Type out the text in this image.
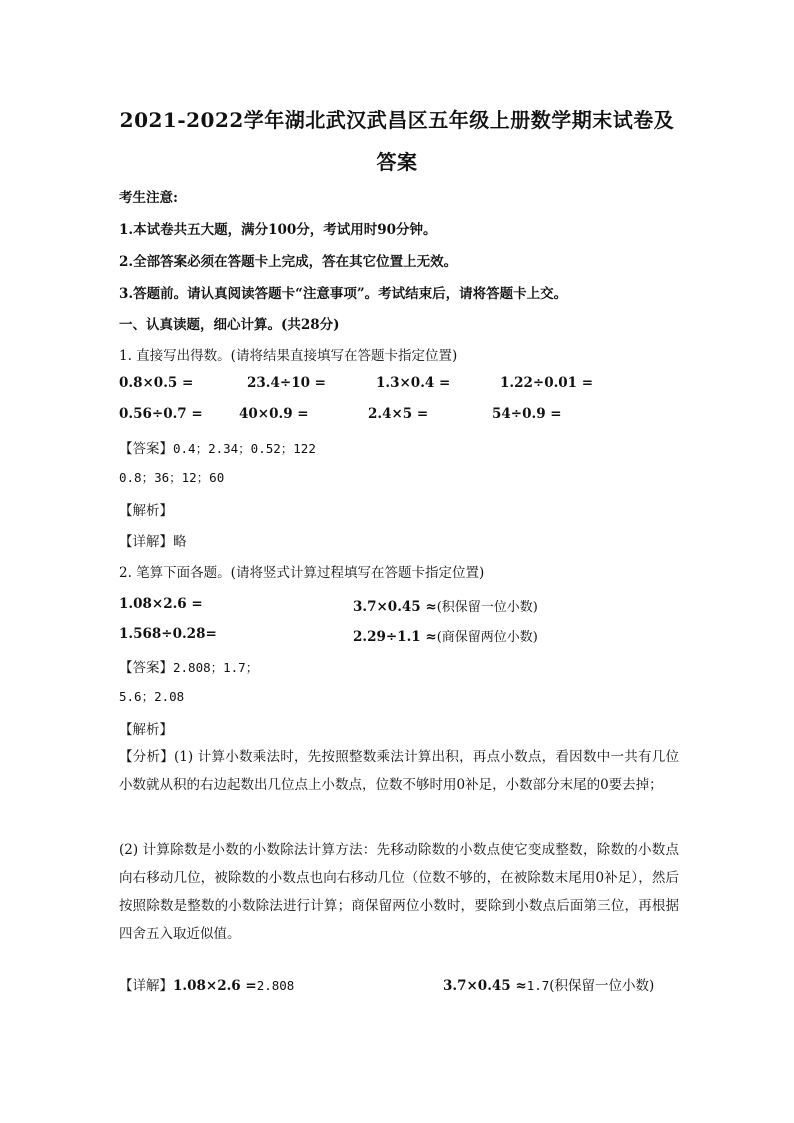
2021-2022学年湖北武汉武昌区五年级上册数学期末试卷及
答案
考生注意:
1.本试卷共五大题，满分100分，考试用时90分钟。
2.全部答案必须在答题卡上完成，答在其它位置上无效。
3.答题前。请认真阅读答题卡“注意事项”。考试结束后，请将答题卡上交。
一、认真读题，细心计算。(共28分)
1. 直接写出得数。(请将结果直接填写在答题卡指定位置)
0.8×0.5 =	23.4÷10 =	1.3×0.4 =	1.22÷0.01 =
0.56÷0.7 =	40×0.9 =	2.4×5 =	54÷0.9 =
【答案】0.4；2.34；0.52；122
0.8；36；12；60
【解析】
【详解】略
2. 笔算下面各题。(请将竖式计算过程填写在答题卡指定位置)
1.08×2.6 =	3.7×0.45 ≈(积保留一位小数)
1.568÷0.28=	2.29÷1.1 ≈(商保留两位小数)
【答案】2.808；1.7；
5.6；2.08
【解析】
【分析】(1) 计算小数乘法时，先按照整数乘法计算出积，再点小数点，看因数中一共有几位小数就从积的右边起数出几位点上小数点，位数不够时用0补足，小数部分末尾的0要去掉；
(2) 计算除数是小数的小数除法计算方法：先移动除数的小数点使它变成整数，除数的小数点向右移动几位，被除数的小数点也向右移动几位（位数不够的，在被除数末尾用0补足），然后按照除数是整数的小数除法进行计算；商保留两位小数时，要除到小数点后面第三位，再根据四舍五入取近似值。
【详解】1.08×2.6 =2.808	3.7×0.45 ≈1.7(积保留一位小数)
